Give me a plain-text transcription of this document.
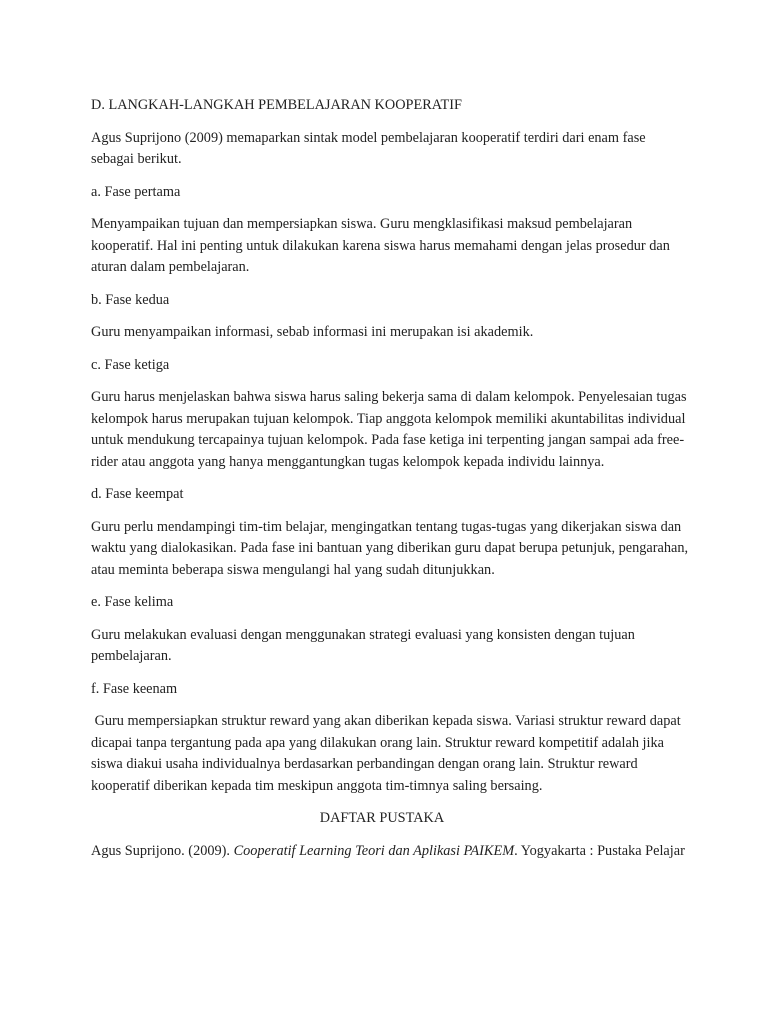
D. LANGKAH-LANGKAH PEMBELAJARAN KOOPERATIF

Agus Suprijono (2009) memaparkan sintak model pembelajaran kooperatif terdiri dari enam fase sebagai berikut.

a. Fase pertama

Menyampaikan tujuan dan mempersiapkan siswa. Guru mengklasifikasi maksud pembelajaran kooperatif. Hal ini penting untuk dilakukan karena siswa harus memahami dengan jelas prosedur dan aturan dalam pembelajaran.

b. Fase kedua

Guru menyampaikan informasi, sebab informasi ini merupakan isi akademik.

c. Fase ketiga

Guru harus menjelaskan bahwa siswa harus saling bekerja sama di dalam kelompok. Penyelesaian tugas kelompok harus merupakan tujuan kelompok. Tiap anggota kelompok memiliki akuntabilitas individual untuk mendukung tercapainya tujuan kelompok. Pada fase ketiga ini terpenting jangan sampai ada free-rider atau anggota yang hanya menggantungkan tugas kelompok kepada individu lainnya.

d. Fase keempat

Guru perlu mendampingi tim-tim belajar, mengingatkan tentang tugas-tugas yang dikerjakan siswa dan waktu yang dialokasikan. Pada fase ini bantuan yang diberikan guru dapat berupa petunjuk, pengarahan, atau meminta beberapa siswa mengulangi hal yang sudah ditunjukkan.

e. Fase kelima

Guru melakukan evaluasi dengan menggunakan strategi evaluasi yang konsisten dengan tujuan pembelajaran.

f. Fase keenam

Guru mempersiapkan struktur reward yang akan diberikan kepada siswa. Variasi struktur reward dapat dicapai tanpa tergantung pada apa yang dilakukan orang lain. Struktur reward kompetitif adalah jika siswa diakui usaha individualnya berdasarkan perbandingan dengan orang lain. Struktur reward  kooperatif diberikan kepada tim meskipun anggota tim-timnya saling bersaing.

DAFTAR PUSTAKA

Agus Suprijono. (2009). Cooperatif Learning Teori dan Aplikasi PAIKEM. Yogyakarta : Pustaka Pelajar
